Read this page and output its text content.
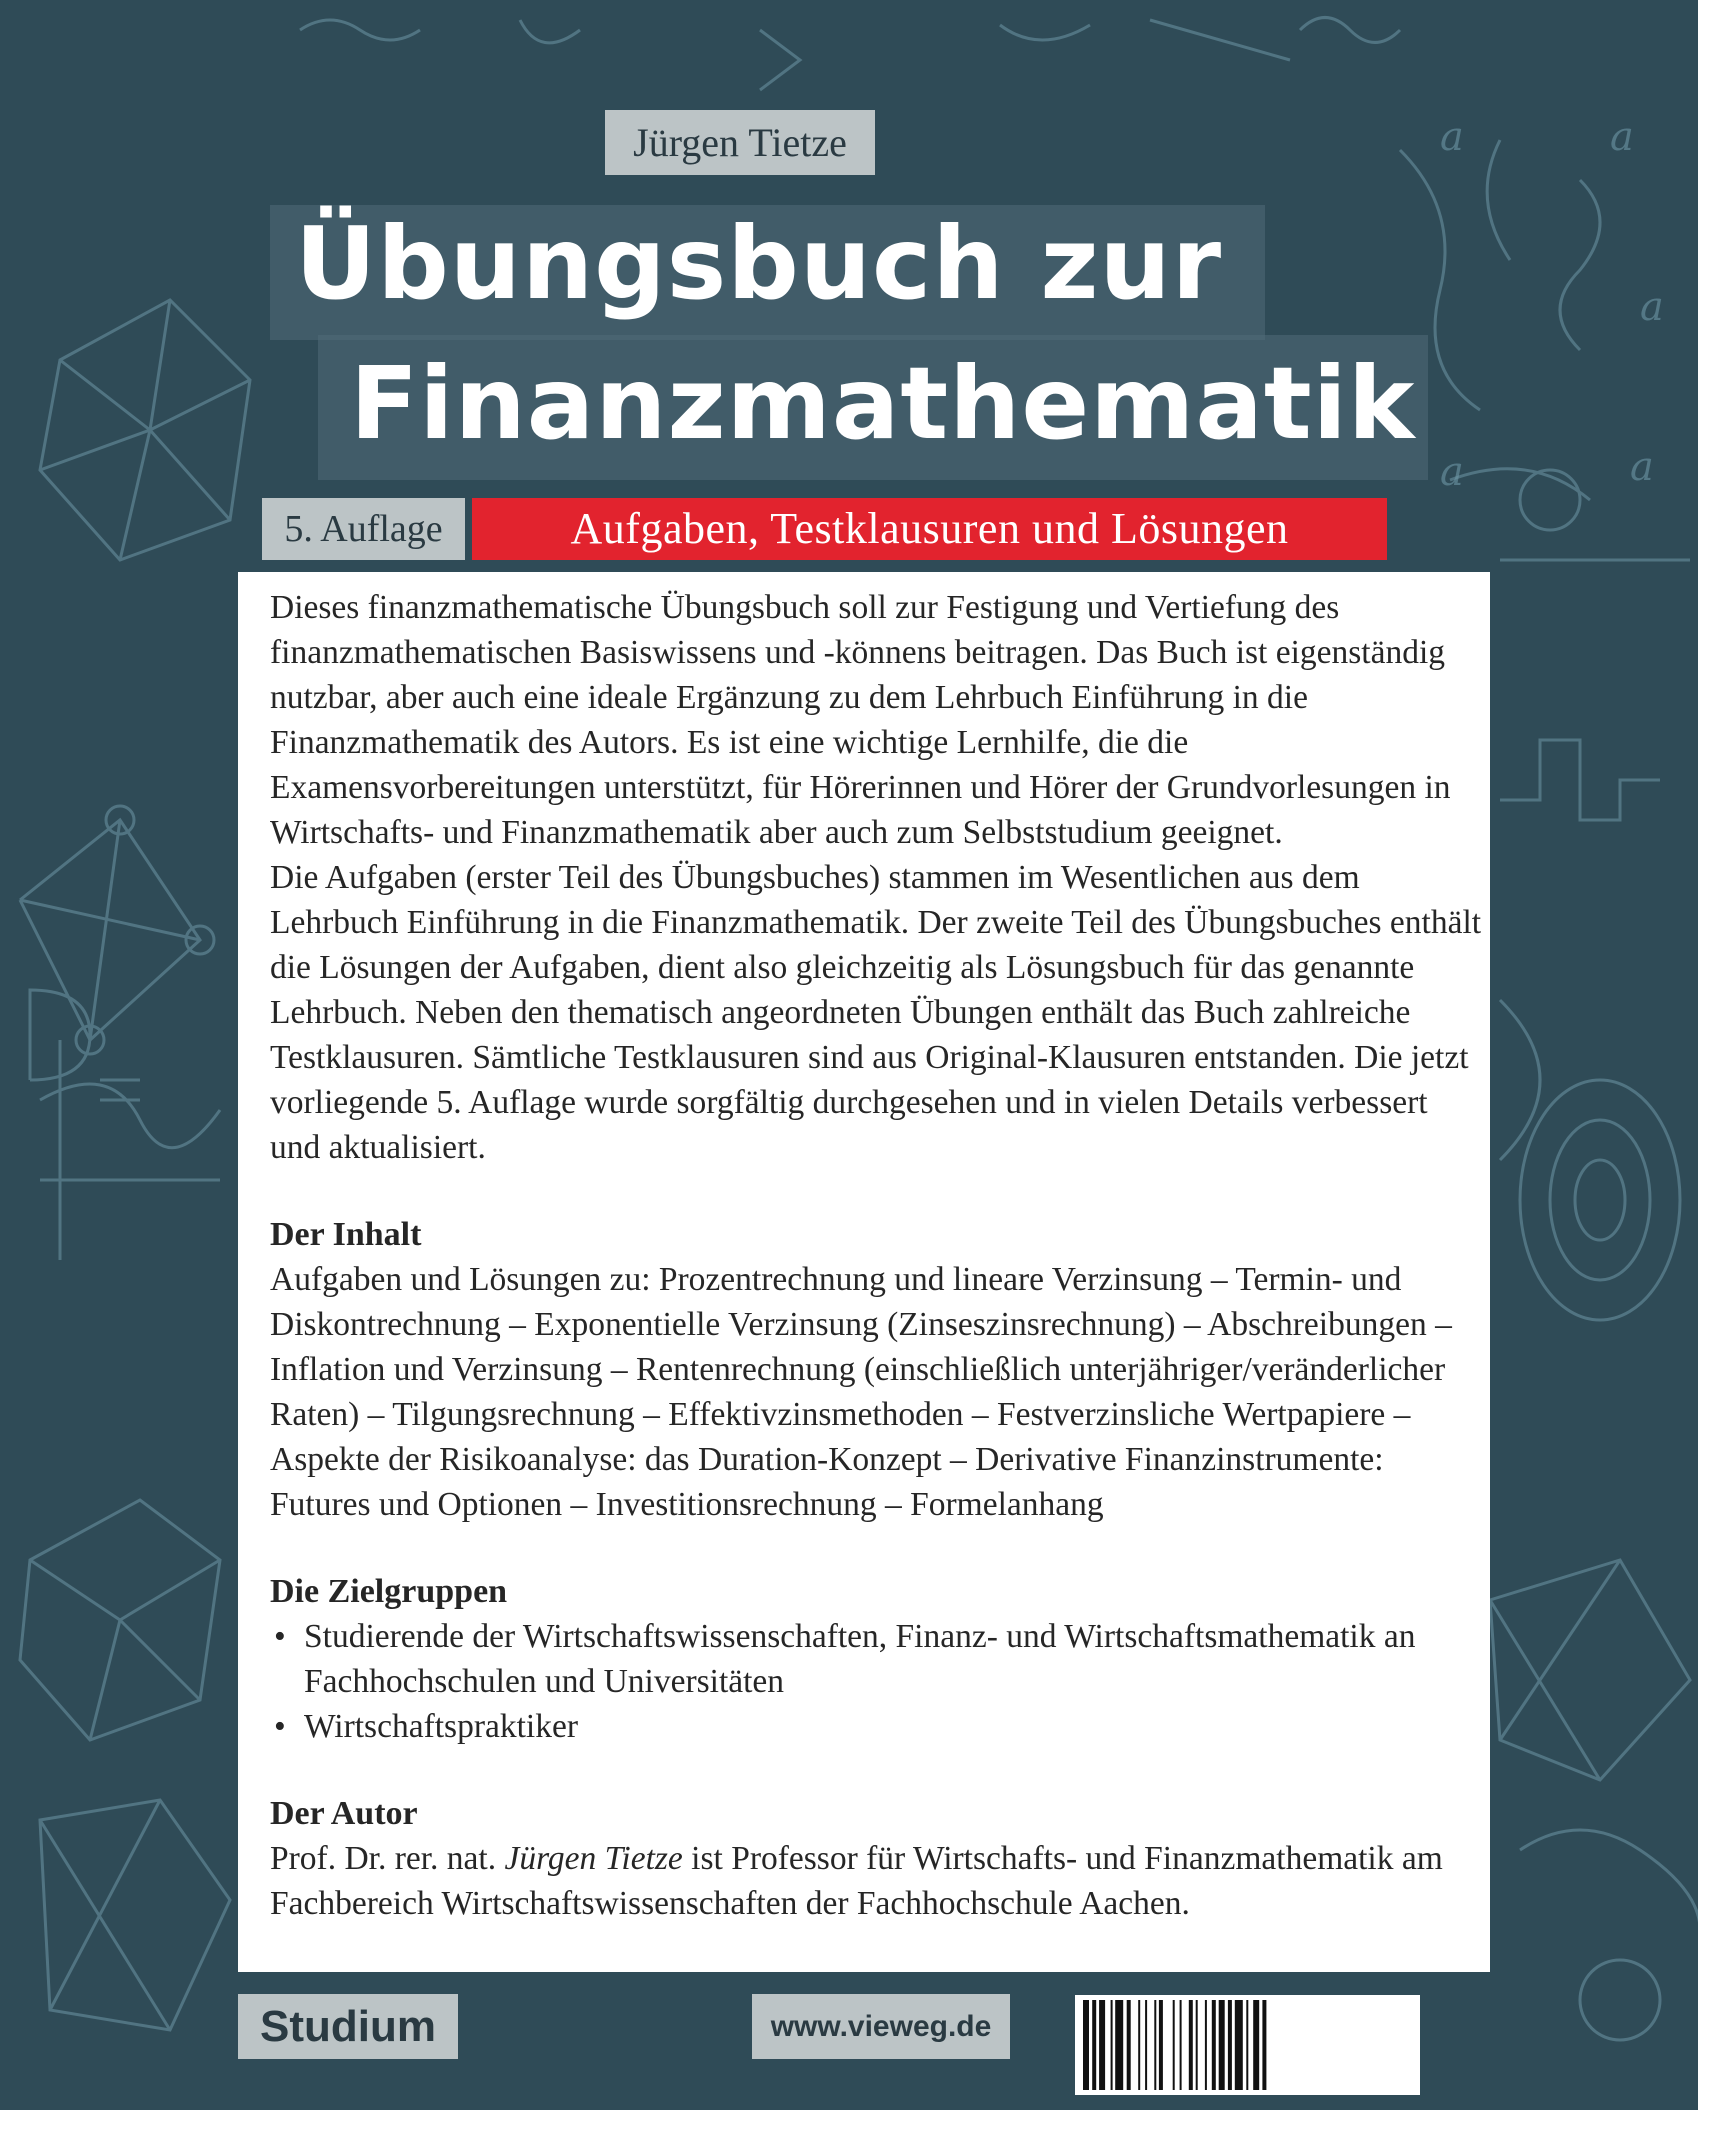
a	a
a
a	a
Jürgen Tietze
Übungsbuch zur
Finanzmathematik
5. Auflage	Aufgaben, Testklausuren und Lösungen

Dieses finanzmathematische Übungsbuch soll zur Festigung und Vertiefung des finanzmathematischen Basiswissens und -könnens beitragen. Das Buch ist eigenständig nutzbar, aber auch eine ideale Ergänzung zu dem Lehrbuch Einführung in die Finanzmathematik des Autors. Es ist eine wichtige Lernhilfe, die die Examensvorbereitungen unterstützt, für Hörerinnen und Hörer der Grundvorlesungen in Wirtschafts- und Finanzmathematik aber auch zum Selbststudium geeignet.

Die Aufgaben (erster Teil des Übungsbuches) stammen im Wesentlichen aus dem Lehrbuch Einführung in die Finanzmathematik. Der zweite Teil des Übungsbuches enthält die Lösungen der Aufgaben, dient also gleichzeitig als Lösungsbuch für das genannte Lehrbuch. Neben den thematisch angeordneten Übungen enthält das Buch zahlreiche Testklausuren. Sämtliche Testklausuren sind aus Original-Klausuren entstanden. Die jetzt vorliegende 5. Auflage wurde sorgfältig durchgesehen und in vielen Details verbessert und aktualisiert.

Der Inhalt

Aufgaben und Lösungen zu: Prozentrechnung und lineare Verzinsung – Termin- und Diskontrechnung – Exponentielle Verzinsung (Zinseszinsrechnung) – Abschreibungen – Inflation und Verzinsung – Rentenrechnung (einschließlich unterjähriger/veränderlicher Raten) – Tilgungsrechnung – Effektivzinsmethoden – Festverzinsliche Wertpapiere – Aspekte der Risikoanalyse: das Duration-Konzept – Derivative Finanzinstrumente: Futures und Optionen – Investitionsrechnung – Formelanhang

Die Zielgruppen
• Studierende der Wirtschaftswissenschaften, Finanz- und Wirtschaftsmathematik an Fachhochschulen und Universitäten
• Wirtschaftspraktiker
Der Autor

Prof. Dr. rer. nat. Jürgen Tietze ist Professor für Wirtschafts- und Finanzmathematik am Fachbereich Wirtschaftswissenschaften der Fachhochschule Aachen.

Studium	www.vieweg.de
